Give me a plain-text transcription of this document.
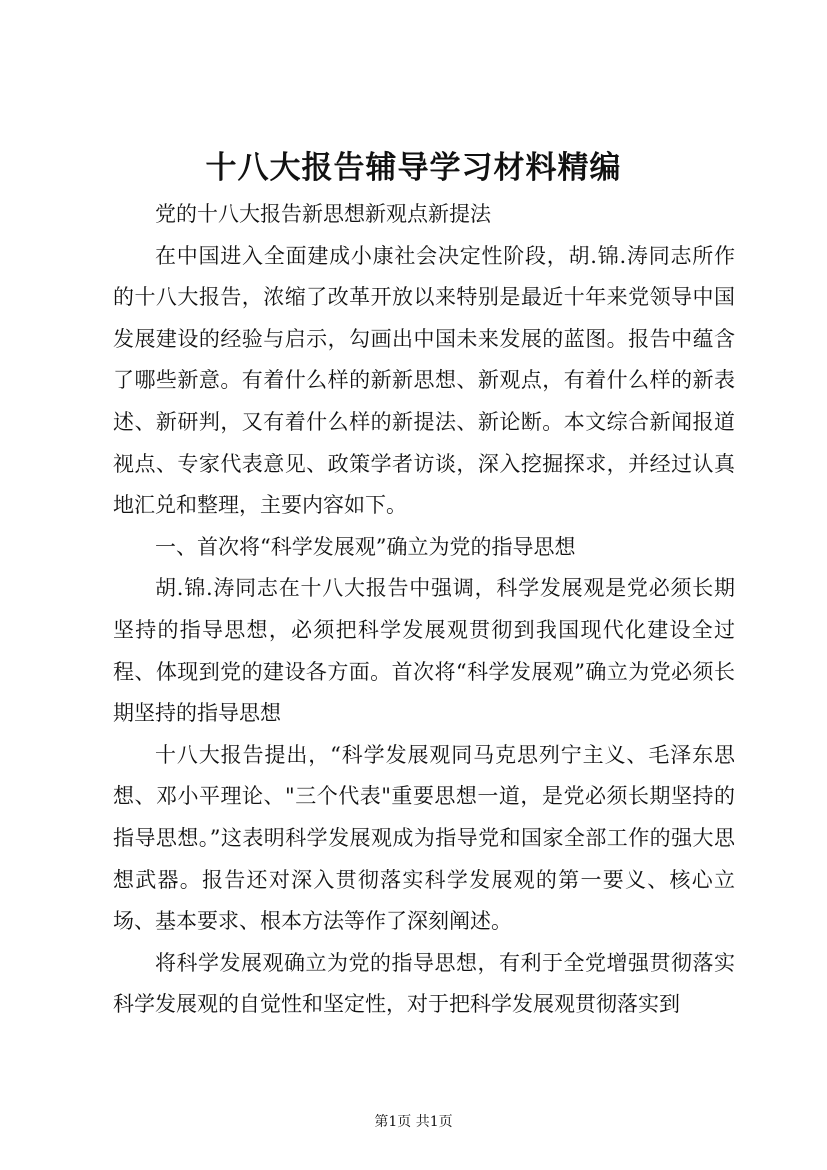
十八大报告辅导学习材料精编

党的十八大报告新思想新观点新提法

在中国进入全面建成小康社会决定性阶段，胡.锦.涛同志所作的十八大报告，浓缩了改革开放以来特别是最近十年来党领导中国发展建设的经验与启示，勾画出中国未来发展的蓝图。报告中蕴含了哪些新意。有着什么样的新新思想、新观点，有着什么样的新表述、新研判，又有着什么样的新提法、新论断。本文综合新闻报道视点、专家代表意见、政策学者访谈，深入挖掘探求，并经过认真地汇兑和整理，主要内容如下。

一、首次将“科学发展观”确立为党的指导思想

胡.锦.涛同志在十八大报告中强调，科学发展观是党必须长期坚持的指导思想，必须把科学发展观贯彻到我国现代化建设全过程、体现到党的建设各方面。首次将“科学发展观”确立为党必须长期坚持的指导思想

十八大报告提出，“科学发展观同马克思列宁主义、毛泽东思想、邓小平理论、"三个代表"重要思想一道，是党必须长期坚持的指导思想。”这表明科学发展观成为指导党和国家全部工作的强大思想武器。报告还对深入贯彻落实科学发展观的第一要义、核心立场、基本要求、根本方法等作了深刻阐述。

将科学发展观确立为党的指导思想，有利于全党增强贯彻落实科学发展观的自觉性和坚定性，对于把科学发展观贯彻落实到

第1页 共1页
